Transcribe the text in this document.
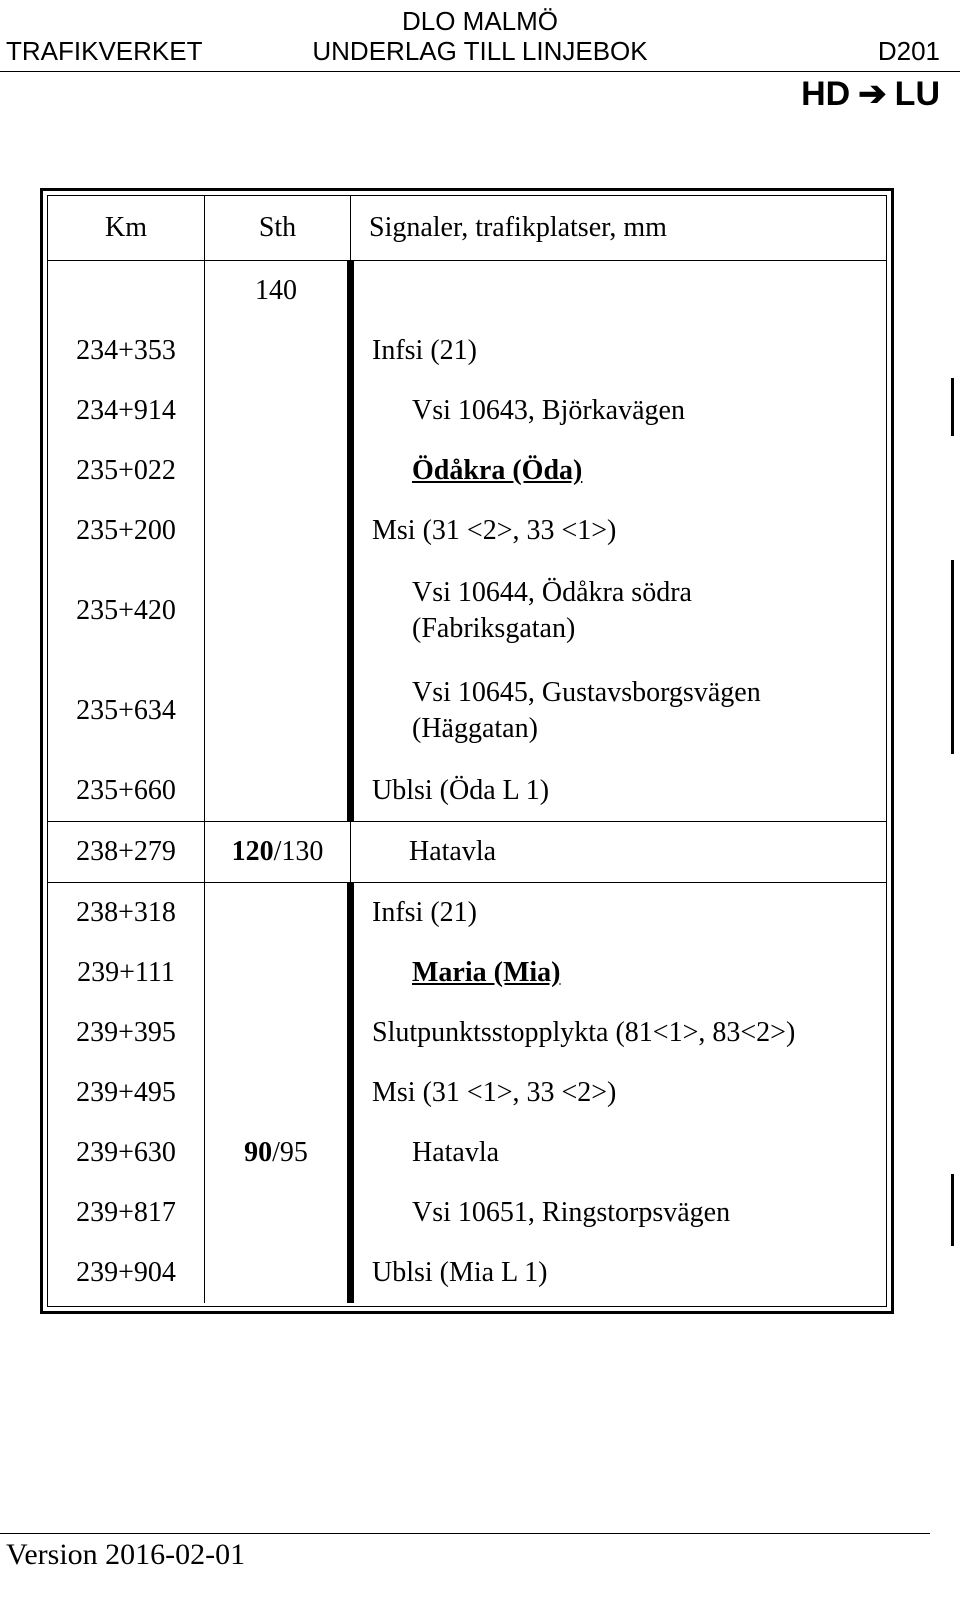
DLO MALMÖ
TRAFIKVERKET	UNDERLAG TILL LINJEBOK	D201
HD ➔ LU
Km	Sth	Signaler, trafikplatser, mm
	140	
234+353		Infsi (21)
234+914		Vsi 10643, Björkavägen
235+022		Ödåkra (Öda)
235+200		Msi (31 <2>, 33 <1>)
235+420		Vsi 10644, Ödåkra södra
(Fabriksgatan)
235+634		Vsi 10645, Gustavsborgsvägen
(Häggatan)
235+660		Ublsi (Öda L 1)
238+279	120/130	Hatavla
238+318		Infsi (21)
239+111		Maria (Mia)
239+395		Slutpunktsstopplykta (81<1>, 83<2>)
239+495		Msi (31 <1>, 33 <2>)
239+630	90/95	Hatavla
239+817		Vsi 10651, Ringstorpsvägen
239+904		Ublsi (Mia L 1)
Version 2016-02-01
